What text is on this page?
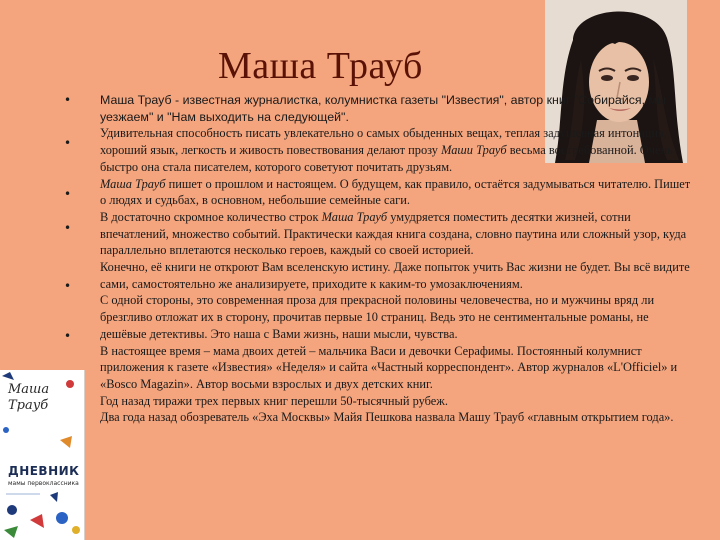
Маша Трауб
Маша
Трауб
ДНЕВНИК
мамы первоклассника
•
•
•
•
•
•

Маша Трауб - известная журналистка, колумнистка газеты "Известия", автор книг "Собирайся, мы уезжаем" и "Нам выходить на следующей".

Удивительная способность писать увлекательно о самых обыденных вещах, теплая задушевная интонация, хороший язык, легкость и живость повествования делают прозу Маши Трауб весьма востребованной. Очень быстро она стала писателем, которого советуют почитать друзьям.

Маша Трауб пишет о прошлом и настоящем. О будущем, как правило, остаётся задумываться читателю. Пишет о людях и судьбах, в основном, небольшие семейные саги.

В достаточно скромное количество строк Маша Трауб умудряется поместить десятки жизней, сотни впечатлений, множество событий. Практически каждая книга создана, словно паутина или сложный узор, куда параллельно вплетаются несколько героев, каждый со своей историей.

Конечно, её книги не откроют Вам вселенскую истину. Даже попыток учить Вас жизни не будет. Вы всё видите сами, самостоятельно же анализируете, приходите к каким-то умозаключениям.

С одной стороны, это современная проза для прекрасной половины человечества, но и мужчины вряд ли брезгливо отложат их в сторону, прочитав первые 10 страниц. Ведь это не сентиментальные романы, не дешёвые детективы. Это наша с Вами жизнь, наши мысли, чувства.

В настоящее время – мама двоих детей – мальчика Васи и девочки Серафимы. Постоянный колумнист приложения к газете «Известия» «Неделя» и сайта «Частный корреспондент». Автор журналов «L'Officiel» и «Bosco Magazin». Автор восьми взрослых и двух детских книг.

Год назад тиражи трех первых книг перешли 50-тысячный рубеж.

Два года назад обозреватель «Эха Москвы» Майя Пешкова назвала Машу Трауб «главным открытием года».
